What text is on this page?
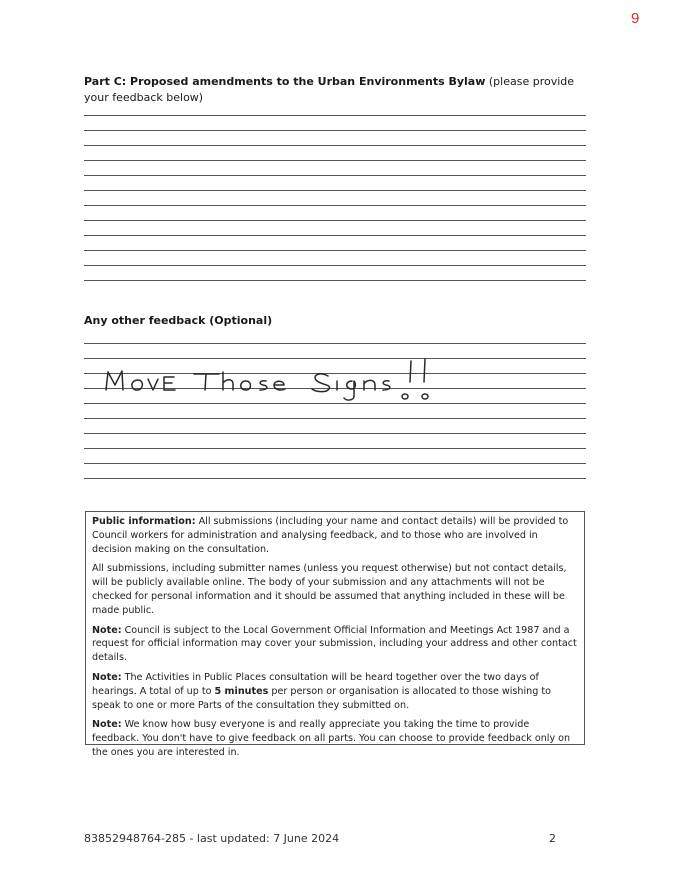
9
Part C: Proposed amendments to the Urban Environments Bylaw (please provide your feedback below)
Any other feedback (Optional)
Move Those Signs !!

Public information: All submissions (including your name and contact details) will be provided to Council workers for administration and analysing feedback, and to those who are involved in decision making on the consultation.

All submissions, including submitter names (unless you request otherwise) but not contact details, will be publicly available online. The body of your submission and any attachments will not be checked for personal information and it should be assumed that anything included in these will be made public.

Note: Council is subject to the Local Government Official Information and Meetings Act 1987 and a request for official information may cover your submission, including your address and other contact details.

Note: The Activities in Public Places consultation will be heard together over the two days of hearings. A total of up to 5 minutes per person or organisation is allocated to those wishing to speak to one or more Parts of the consultation they submitted on.

Note: We know how busy everyone is and really appreciate you taking the time to provide feedback. You don't have to give feedback on all parts. You can choose to provide feedback only on the ones you are interested in.

83852948764-285 - last updated: 7 June 2024	2
